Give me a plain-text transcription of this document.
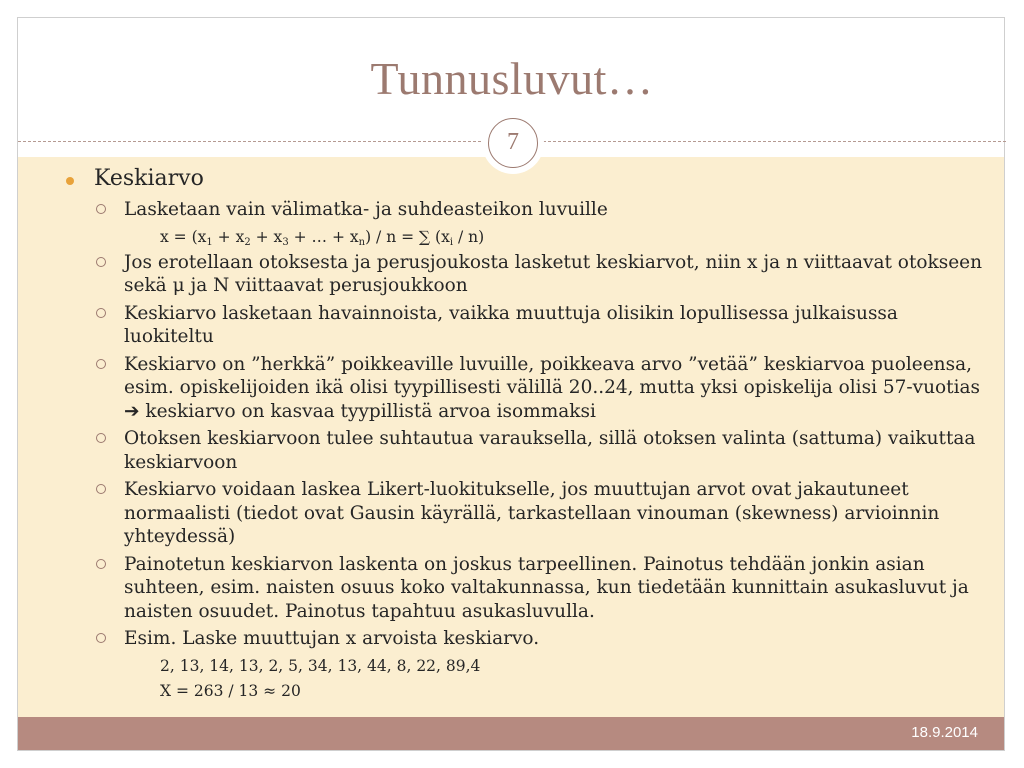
Tunnusluvut…
7
Keskiarvo
Lasketaan vain välimatka- ja suhdeasteikon luvuille
$x = (x_1 + x_2 + x_3$ + … + $x_n$) / n = ∑ $(x_i / n)$
Jos erotellaan otoksesta ja perusjoukosta lasketut keskiarvot, niin x ja n viittaavat otokseen sekä μ ja N viittaavat perusjoukkoon
Keskiarvo lasketaan havainnoista, vaikka muuttuja olisikin lopullisessa julkaisussa luokiteltu
Keskiarvo on ”herkkä” poikkeaville luvuille, poikkeava arvo ”vetää” keskiarvoa puoleensa, esim. opiskelijoiden ikä olisi tyypillisesti välillä 20..24, mutta yksi opiskelija olisi 57-vuotias ➔ keskiarvo on kasvaa tyypillistä arvoa isommaksi
Otoksen keskiarvoon tulee suhtautua varauksella, sillä otoksen valinta (sattuma) vaikuttaa keskiarvoon
Keskiarvo voidaan laskea Likert-luokitukselle, jos muuttujan arvot ovat jakautuneet normaalisti (tiedot ovat Gausin käyrällä, tarkastellaan vinouman (skewness) arvioinnin yhteydessä)
Painotetun keskiarvon laskenta on joskus tarpeellinen. Painotus tehdään jonkin asian suhteen, esim. naisten osuus koko valtakunnassa, kun tiedetään kunnittain asukasluvut ja naisten osuudet. Painotus tapahtuu asukasluvulla.
Esim. Laske muuttujan x arvoista keskiarvo.
2, 13, 14, 13, 2, 5, 34, 13, 44, 8, 22, 89,4
X = 263 / 13 ≈ 20
18.9.2014
